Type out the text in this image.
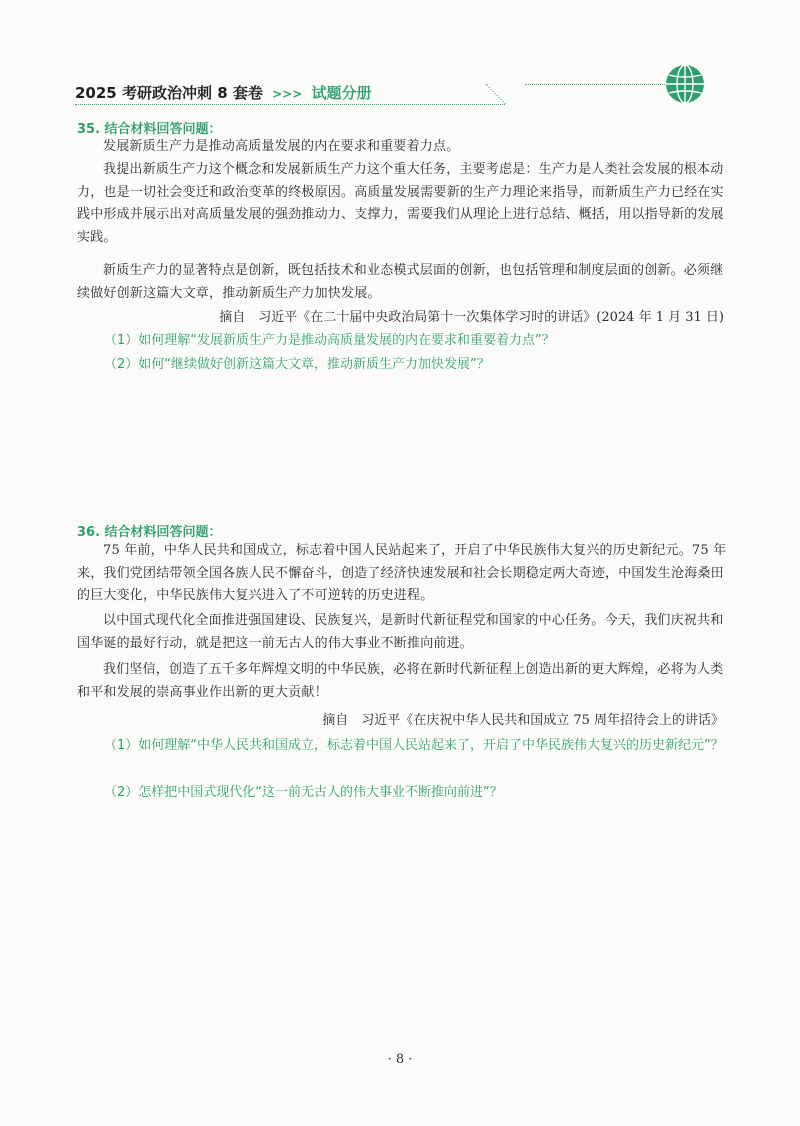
2025 考研政治冲刺 8 套卷 >>> 试题分册
35. 结合材料回答问题：

发展新质生产力是推动高质量发展的内在要求和重要着力点。

我提出新质生产力这个概念和发展新质生产力这个重大任务，主要考虑是：生产力是人类社会发展的根本动力，也是一切社会变迁和政治变革的终极原因。高质量发展需要新的生产力理论来指导，而新质生产力已经在实践中形成并展示出对高质量发展的强劲推动力、支撑力，需要我们从理论上进行总结、概括，用以指导新的发展实践。

新质生产力的显著特点是创新，既包括技术和业态模式层面的创新，也包括管理和制度层面的创新。必须继续做好创新这篇大文章，推动新质生产力加快发展。

摘自　习近平《在二十届中央政治局第十一次集体学习时的讲话》(2024 年 1 月 31 日)

（1）如何理解“发展新质生产力是推动高质量发展的内在要求和重要着力点”？

（2）如何“继续做好创新这篇大文章，推动新质生产力加快发展”？

36. 结合材料回答问题：

75 年前，中华人民共和国成立，标志着中国人民站起来了，开启了中华民族伟大复兴的历史新纪元。75 年来，我们党团结带领全国各族人民不懈奋斗，创造了经济快速发展和社会长期稳定两大奇迹，中国发生沧海桑田的巨大变化，中华民族伟大复兴进入了不可逆转的历史进程。

以中国式现代化全面推进强国建设、民族复兴，是新时代新征程党和国家的中心任务。今天，我们庆祝共和国华诞的最好行动，就是把这一前无古人的伟大事业不断推向前进。

我们坚信，创造了五千多年辉煌文明的中华民族，必将在新时代新征程上创造出新的更大辉煌，必将为人类和平和发展的崇高事业作出新的更大贡献！

摘自　习近平《在庆祝中华人民共和国成立 75 周年招待会上的讲话》

（1）如何理解“中华人民共和国成立，标志着中国人民站起来了，开启了中华民族伟大复兴的历史新纪元”？

（2）怎样把中国式现代化“这一前无古人的伟大事业不断推向前进”？

· 8 ·
